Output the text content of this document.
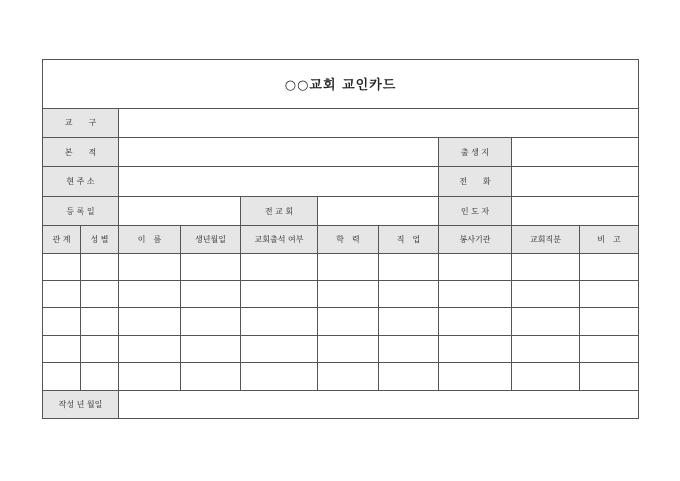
○○교회 교인카드									
교　　구									
본　　적							출 생 지		
현 주 소							전　　화		
등 록 일				전 교 회			인 도 자		
관 계	성 별	이　름	생년월일	교회출석 여부	학　력	직　업	봉사기관	교회직분	비　고

작성 년 월일									
